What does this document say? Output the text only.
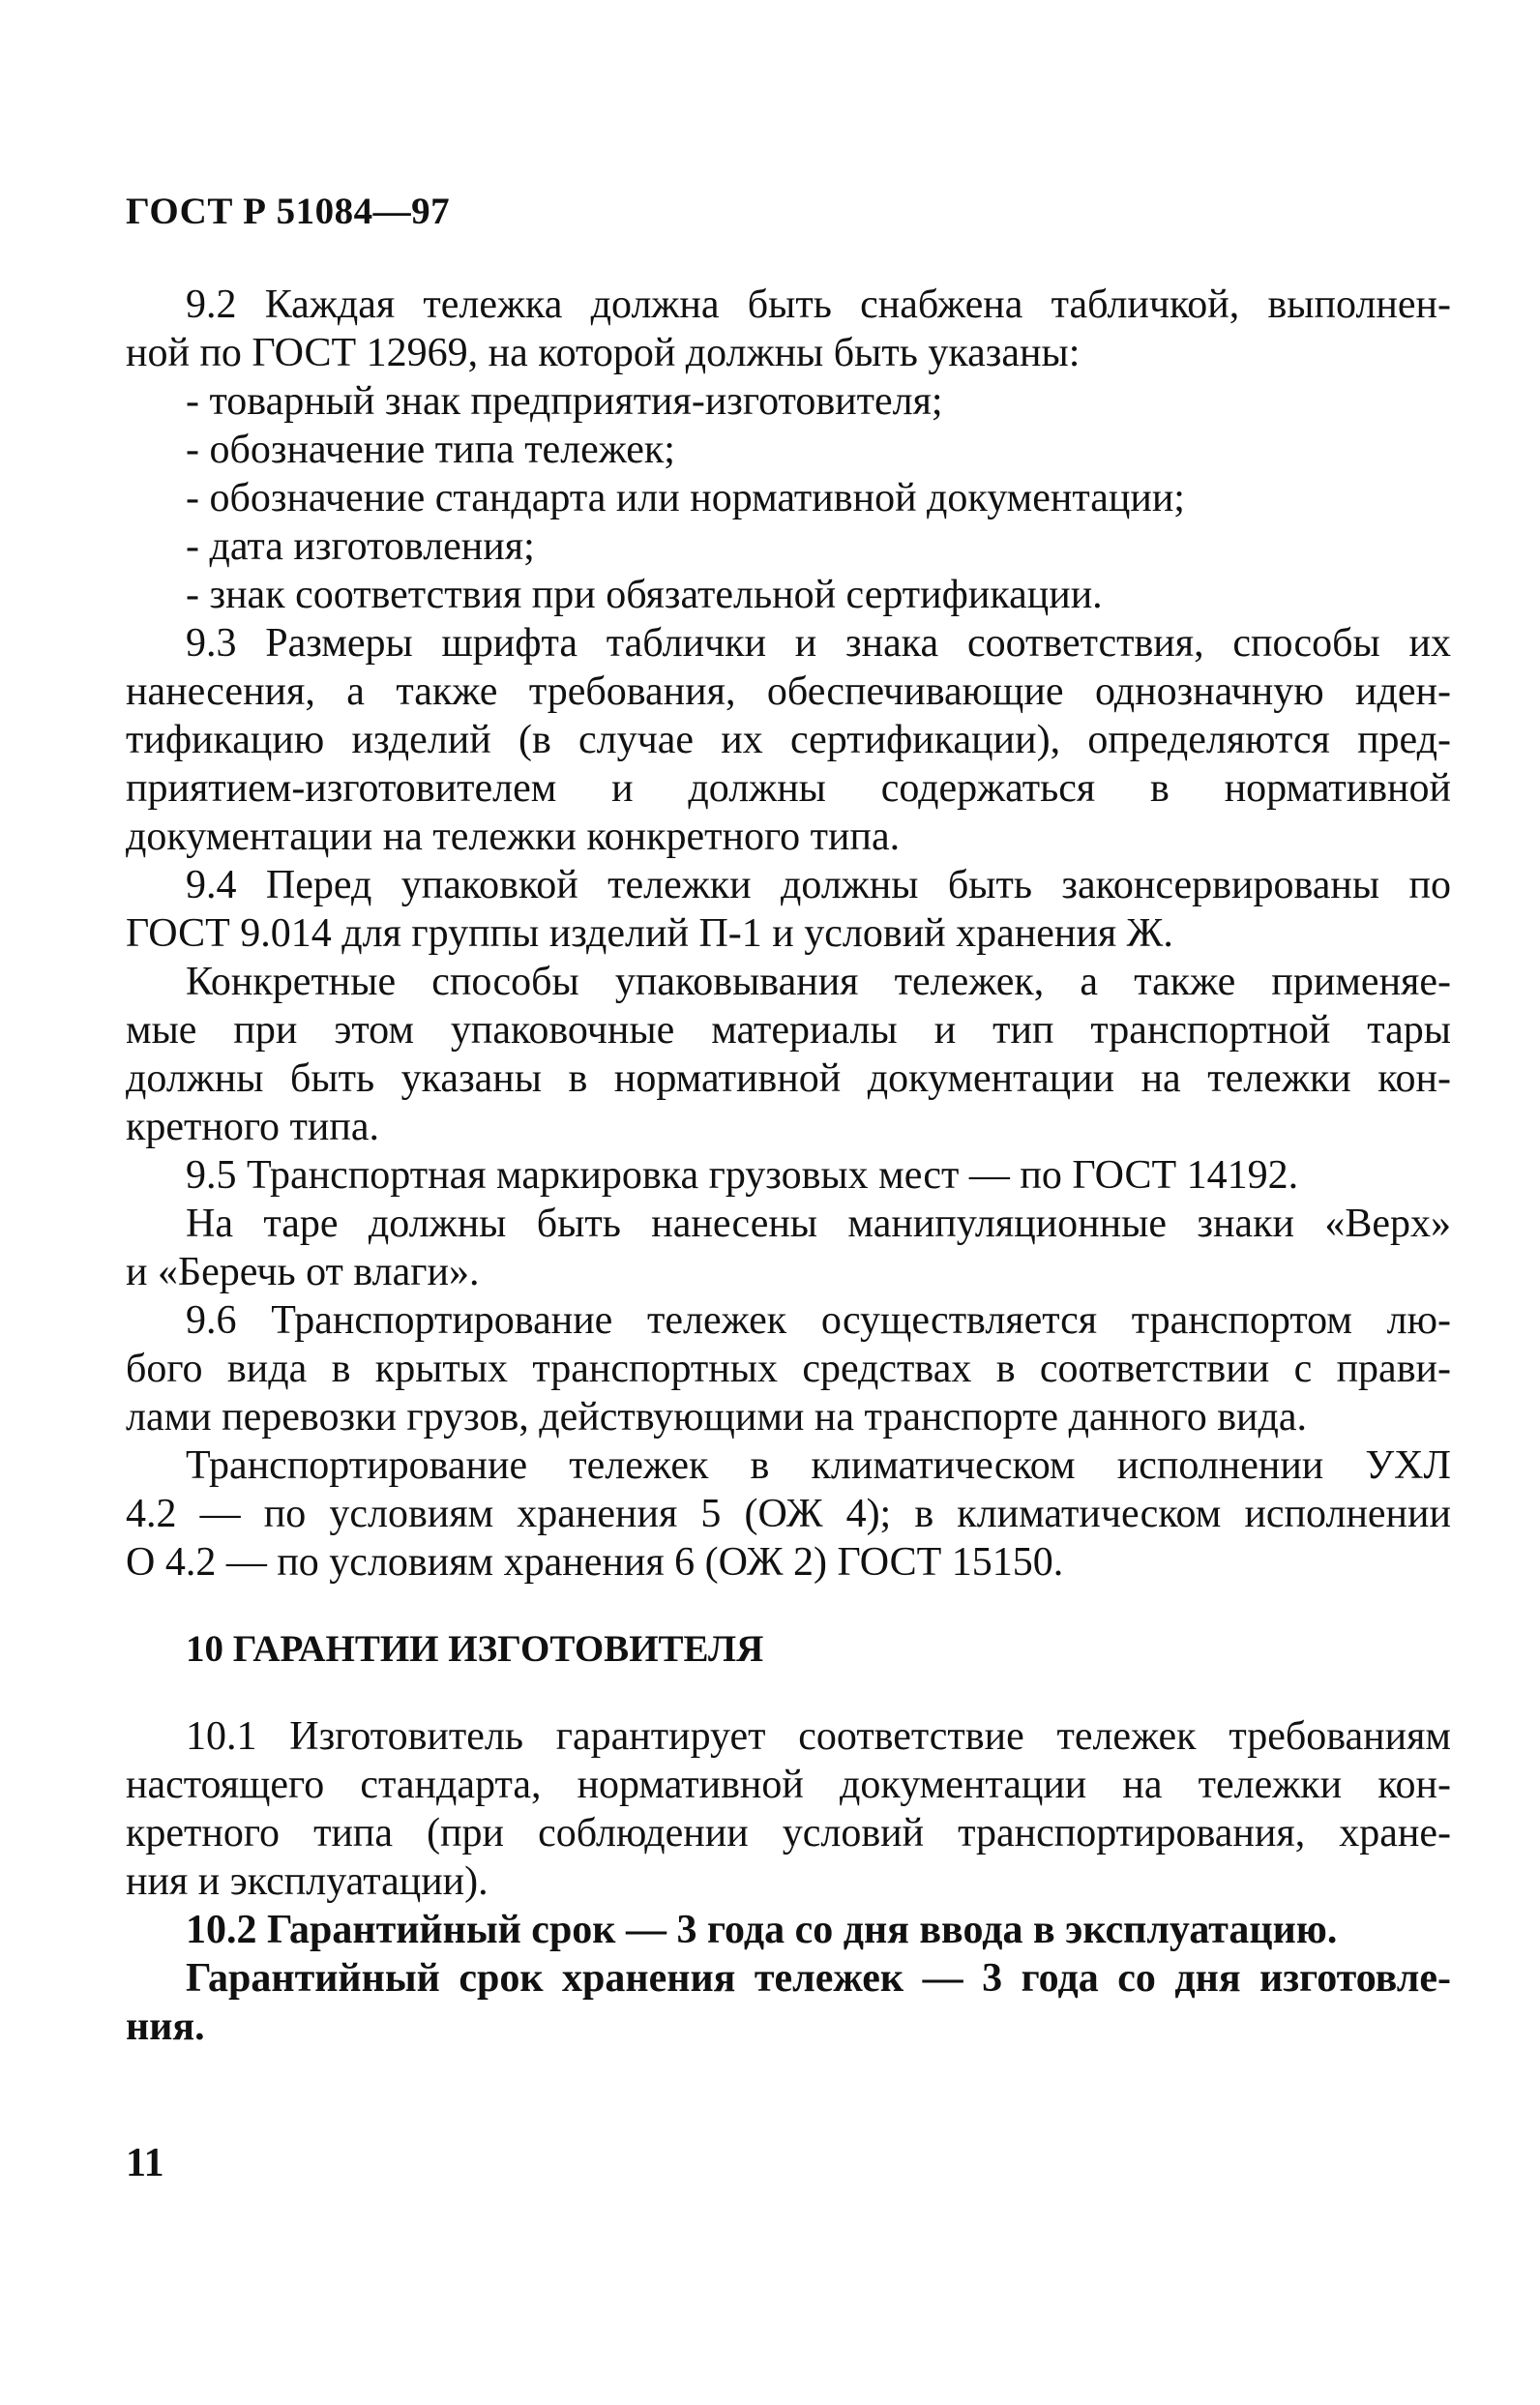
ГОСТ Р 51084—97
9.2 Каждая тележка должна быть снабжена табличкой, выполнен-
ной по ГОСТ 12969, на которой должны быть указаны:
- товарный знак предприятия-изготовителя;
- обозначение типа тележек;
- обозначение стандарта или нормативной документации;
- дата изготовления;
- знак соответствия при обязательной сертификации.
9.3 Размеры шрифта таблички и знака соответствия, способы их
нанесения, а также требования, обеспечивающие однозначную иден-
тификацию изделий (в случае их сертификации), определяются пред-
приятием-изготовителем и должны содержаться в нормативной
документации на тележки конкретного типа.
9.4 Перед упаковкой тележки должны быть законсервированы по
ГОСТ 9.014 для группы изделий П-1 и условий хранения Ж.
Конкретные способы упаковывания тележек, а также применяе-
мые при этом упаковочные материалы и тип транспортной тары
должны быть указаны в нормативной документации на тележки кон-
кретного типа.
9.5 Транспортная маркировка грузовых мест — по ГОСТ 14192.
На таре должны быть нанесены манипуляционные знаки «Верх»
и «Беречь от влаги».
9.6 Транспортирование тележек осуществляется транспортом лю-
бого вида в крытых транспортных средствах в соответствии с прави-
лами перевозки грузов, действующими на транспорте данного вида.
Транспортирование тележек в климатическом исполнении УХЛ
4.2 — по условиям хранения 5 (ОЖ 4); в климатическом исполнении
О 4.2 — по условиям хранения 6 (ОЖ 2) ГОСТ 15150.
10 ГАРАНТИИ ИЗГОТОВИТЕЛЯ
10.1 Изготовитель гарантирует соответствие тележек требованиям
настоящего стандарта, нормативной документации на тележки кон-
кретного типа (при соблюдении условий транспортирования, хране-
ния и эксплуатации).
10.2 Гарантийный срок — 3 года со дня ввода в эксплуатацию.
Гарантийный срок хранения тележек — 3 года со дня изготовле-
ния.
11
